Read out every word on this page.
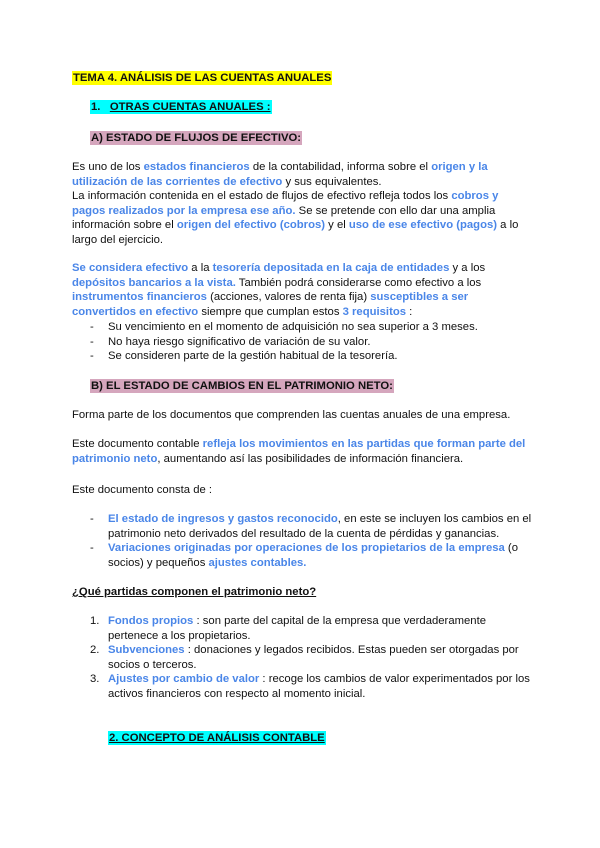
TEMA 4. ANÁLISIS DE LAS CUENTAS ANUALES
1. OTRAS CUENTAS ANUALES :
A) ESTADO DE FLUJOS DE EFECTIVO:
Es uno de los estados financieros de la contabilidad, informa sobre el origen y la utilización de las corrientes de efectivo y sus equivalentes.
La información contenida en el estado de flujos de efectivo refleja todos los cobros y pagos realizados por la empresa ese año. Se se pretende con ello dar una amplia información sobre el origen del efectivo (cobros) y el uso de ese efectivo (pagos) a lo largo del ejercicio.
Se considera efectivo a la tesorería depositada en la caja de entidades y a los depósitos bancarios a la vista. También podrá considerarse como efectivo a los instrumentos financieros (acciones, valores de renta fija) susceptibles a ser convertidos en efectivo siempre que cumplan estos 3 requisitos :
- Su vencimiento en el momento de adquisición no sea superior a 3 meses.
- No haya riesgo significativo de variación de su valor.
- Se consideren parte de la gestión habitual de la tesorería.
B) EL ESTADO DE CAMBIOS EN EL PATRIMONIO NETO:
Forma parte de los documentos que comprenden las cuentas anuales de una empresa.
Este documento contable refleja los movimientos en las partidas que forman parte del patrimonio neto, aumentando así las posibilidades de información financiera.
Este documento consta de :
- El estado de ingresos y gastos reconocido, en este se incluyen los cambios en el patrimonio neto derivados del resultado de la cuenta de pérdidas y ganancias.
- Variaciones originadas por operaciones de los propietarios de la empresa (o socios) y pequeños ajustes contables.
¿Qué partidas componen el patrimonio neto?
1. Fondos propios : son parte del capital de la empresa que verdaderamente pertenece a los propietarios.
2. Subvenciones : donaciones y legados recibidos. Estas pueden ser otorgadas por socios o terceros.
3. Ajustes por cambio de valor : recoge los cambios de valor experimentados por los activos financieros con respecto al momento inicial.
2. CONCEPTO DE ANÁLISIS CONTABLE
